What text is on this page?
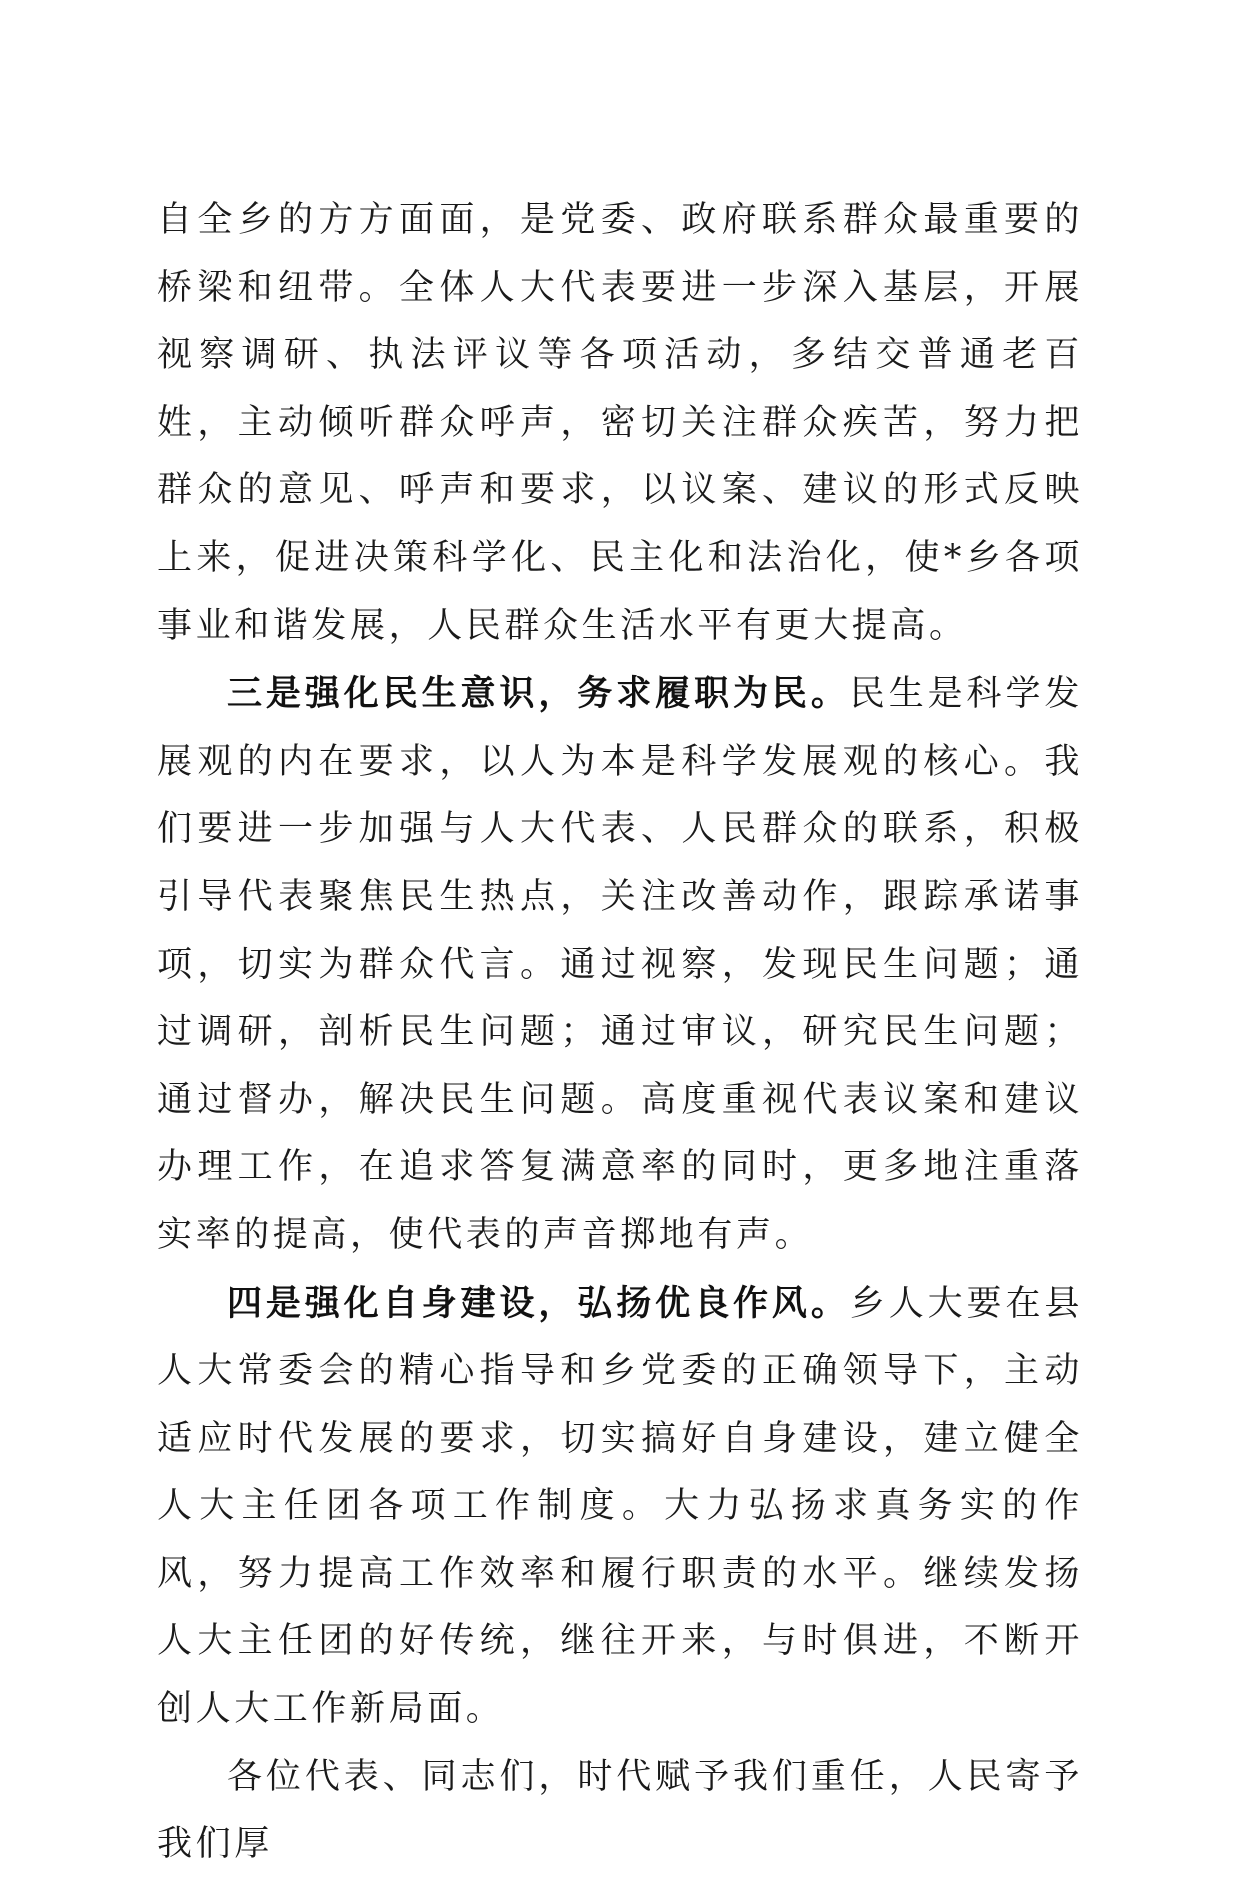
自全乡的方方面面，是党委、政府联系群众最重要的桥梁和纽带。全体人大代表要进一步深入基层，开展视察调研、执法评议等各项活动，多结交普通老百姓，主动倾听群众呼声，密切关注群众疾苦，努力把群众的意见、呼声和要求，以议案、建议的形式反映上来，促进决策科学化、民主化和法治化，使*乡各项事业和谐发展，人民群众生活水平有更大提高。

三是强化民生意识，务求履职为民。民生是科学发展观的内在要求，以人为本是科学发展观的核心。我们要进一步加强与人大代表、人民群众的联系，积极引导代表聚焦民生热点，关注改善动作，跟踪承诺事项，切实为群众代言。通过视察，发现民生问题；通过调研，剖析民生问题；通过审议，研究民生问题；通过督办，解决民生问题。高度重视代表议案和建议办理工作，在追求答复满意率的同时，更多地注重落实率的提高，使代表的声音掷地有声。

四是强化自身建设，弘扬优良作风。乡人大要在县人大常委会的精心指导和乡党委的正确领导下，主动适应时代发展的要求，切实搞好自身建设，建立健全人大主任团各项工作制度。大力弘扬求真务实的作风，努力提高工作效率和履行职责的水平。继续发扬人大主任团的好传统，继往开来，与时俱进，不断开创人大工作新局面。

各位代表、同志们，时代赋予我们重任，人民寄予我们厚
